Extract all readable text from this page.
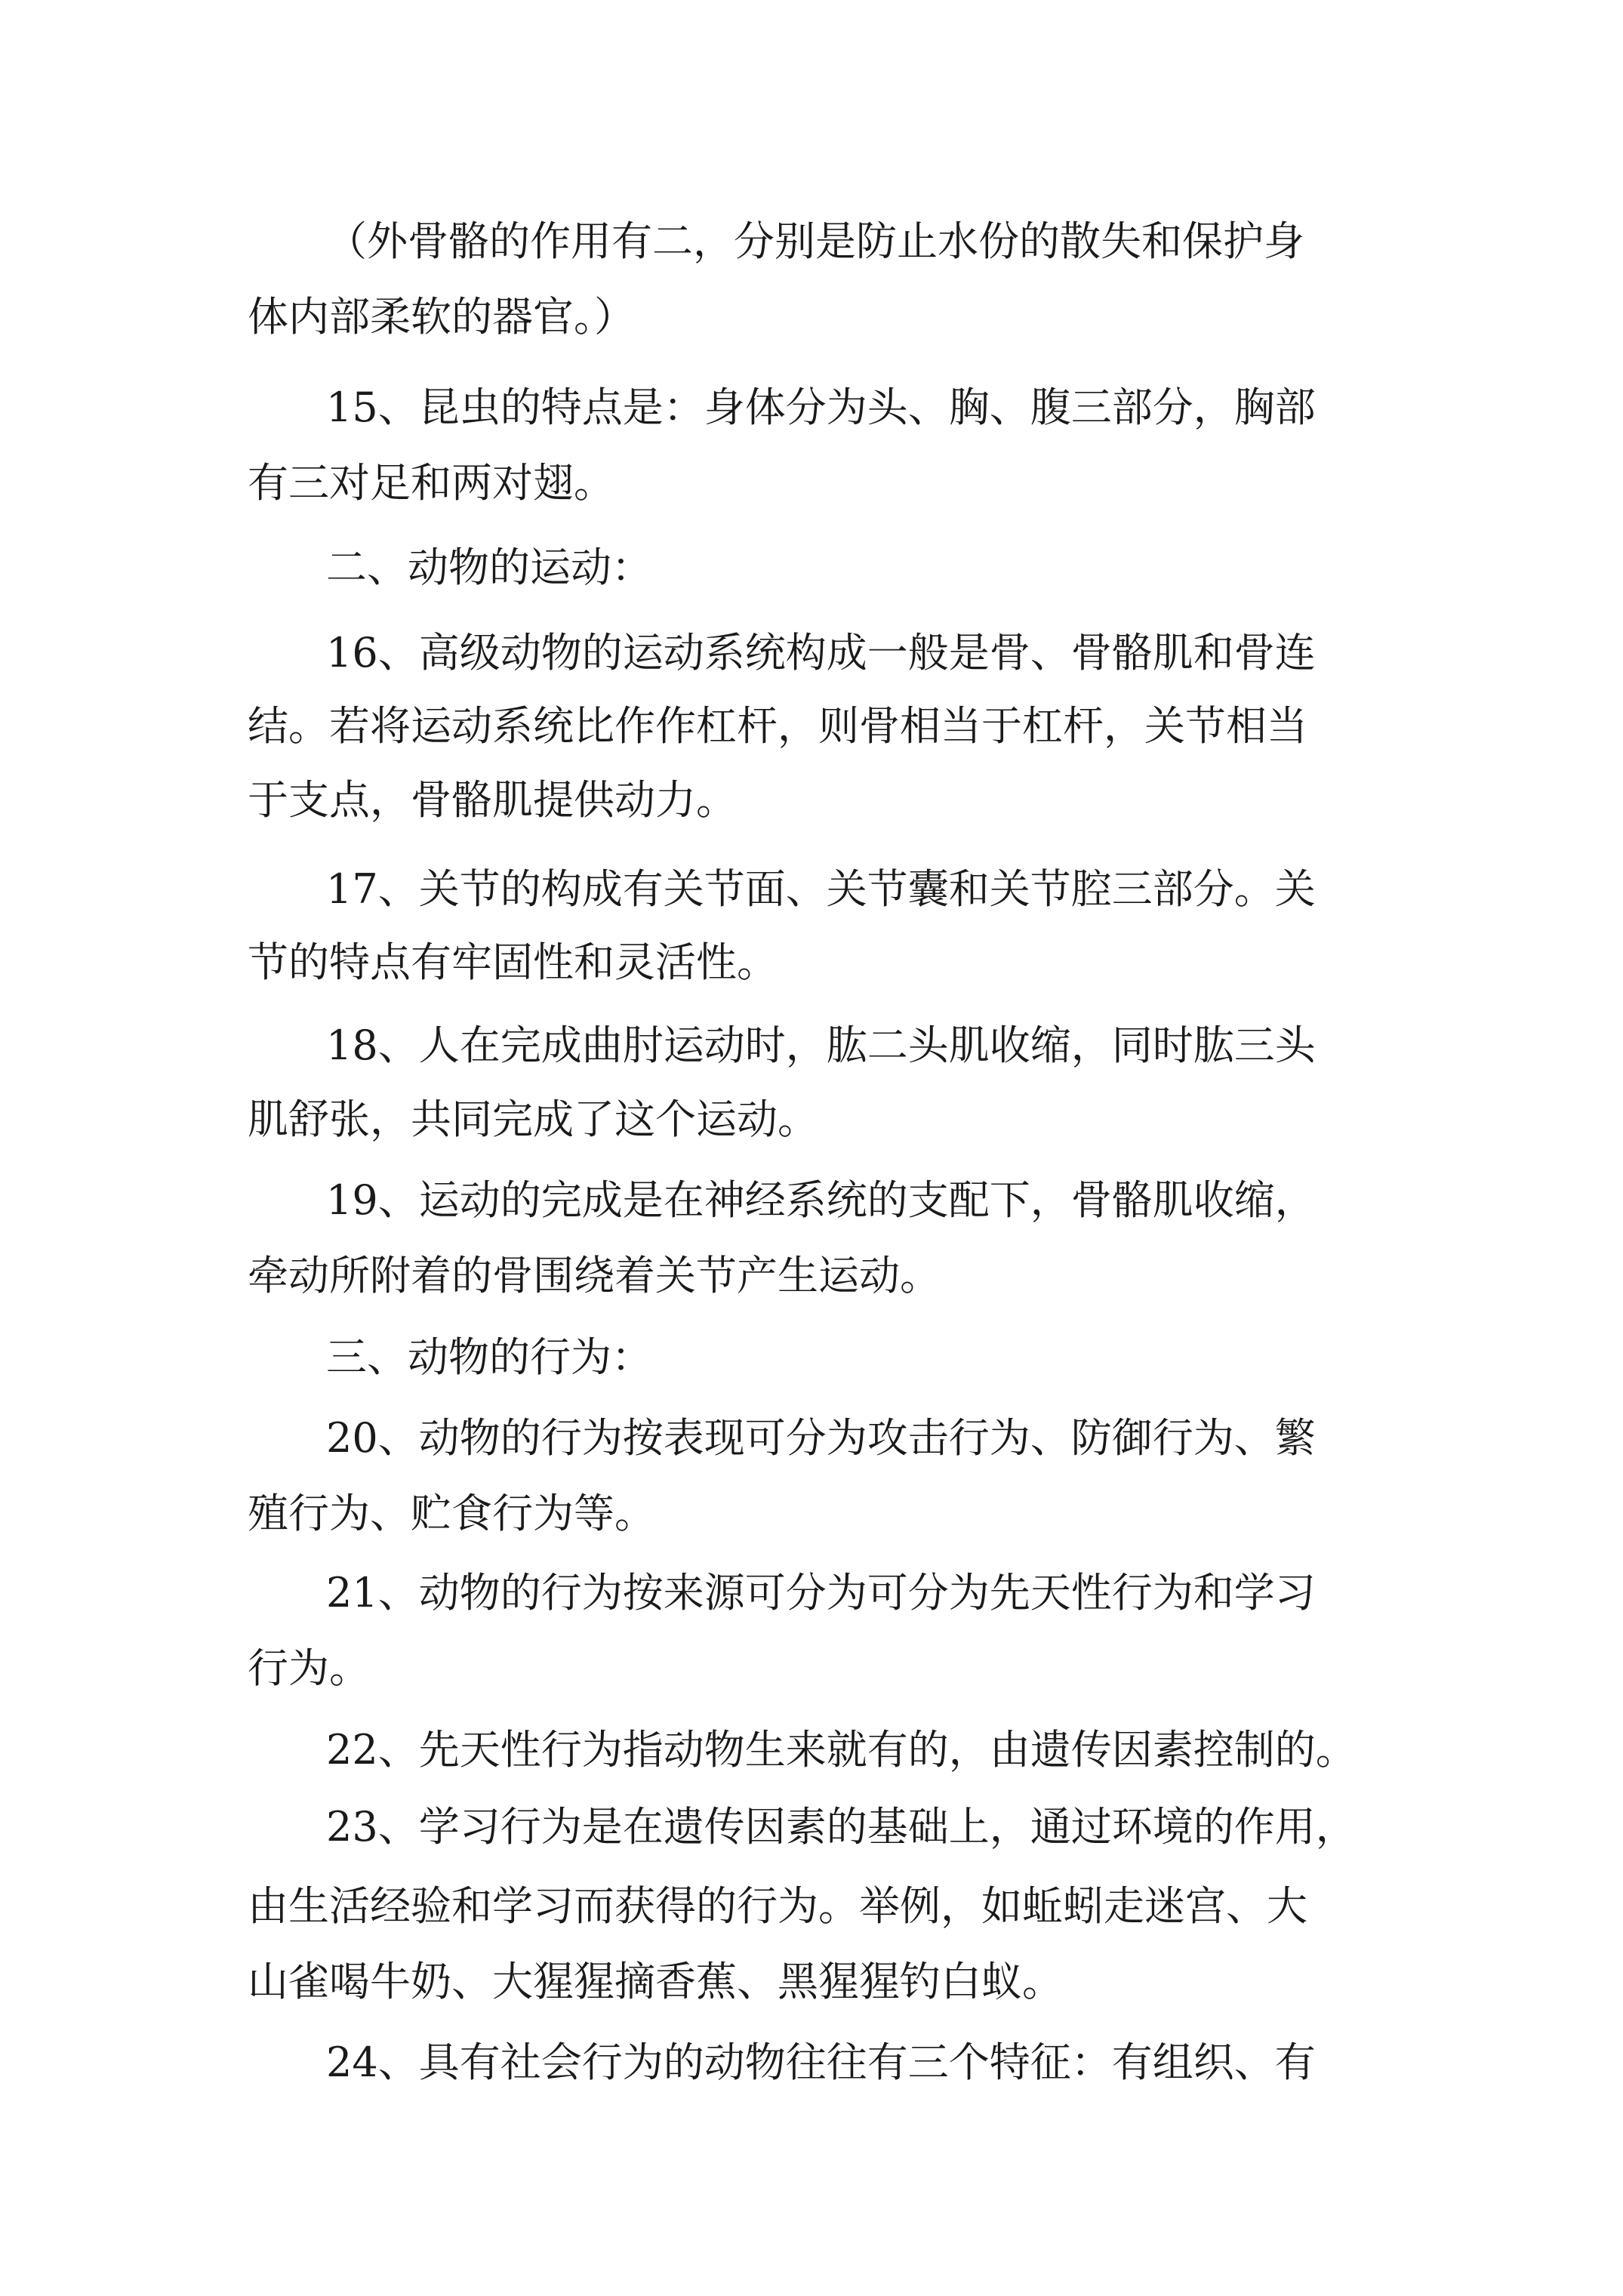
（外骨骼的作用有二，分别是防止水份的散失和保护身
体内部柔软的器官。）
15、昆虫的特点是：身体分为头、胸、腹三部分，胸部
有三对足和两对翅。
二、动物的运动：
16、高级动物的运动系统构成一般是骨、骨骼肌和骨连
结。若将运动系统比作作杠杆，则骨相当于杠杆，关节相当
于支点，骨骼肌提供动力。
17、关节的构成有关节面、关节囊和关节腔三部分。关
节的特点有牢固性和灵活性。
18、人在完成曲肘运动时，肱二头肌收缩，同时肱三头
肌舒张，共同完成了这个运动。
19、运动的完成是在神经系统的支配下，骨骼肌收缩，
牵动所附着的骨围绕着关节产生运动。
三、动物的行为：
20、动物的行为按表现可分为攻击行为、防御行为、繁
殖行为、贮食行为等。
21、动物的行为按来源可分为可分为先天性行为和学习
行为。
22、先天性行为指动物生来就有的，由遗传因素控制的。
23、学习行为是在遗传因素的基础上，通过环境的作用，
由生活经验和学习而获得的行为。举例，如蚯蚓走迷宫、大
山雀喝牛奶、大猩猩摘香蕉、黑猩猩钓白蚁。
24、具有社会行为的动物往往有三个特征：有组织、有
